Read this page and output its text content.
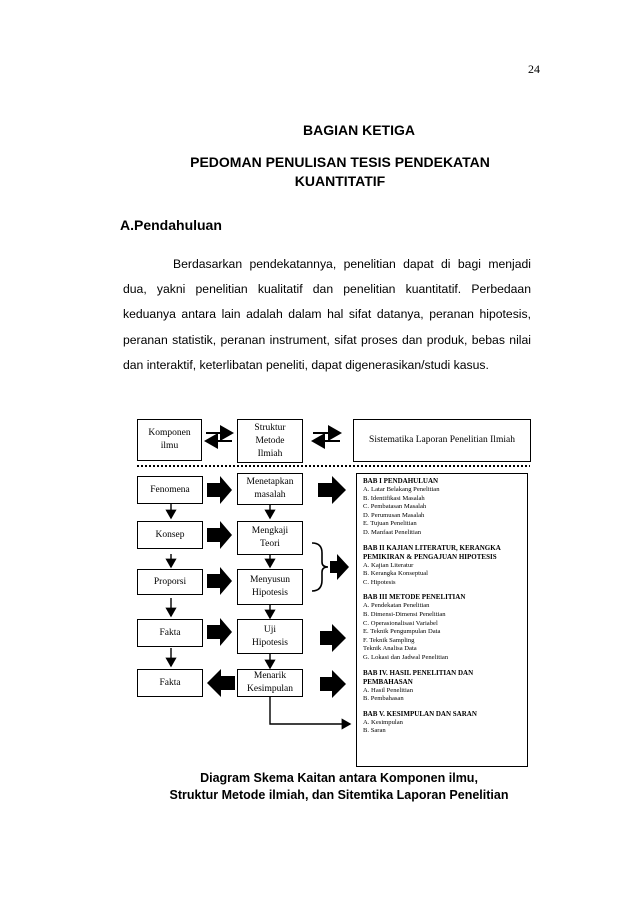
24
BAGIAN KETIGA
PEDOMAN PENULISAN TESIS PENDEKATAN KUANTITATIF
A.Pendahuluan

Berdasarkan pendekatannya, penelitian dapat di bagi menjadi dua, yakni penelitian kualitatif dan penelitian kuantitatif. Perbedaan keduanya antara lain adalah dalam hal sifat datanya, peranan hipotesis, peranan statistik, peranan instrument, sifat proses dan produk, bebas nilai dan interaktif, keterlibatan peneliti, dapat digenerasikan/studi kasus.

Komponen
ilmu
Struktur
Metode
Ilmiah
Sistematika Laporan Penelitian Ilmiah
Fenomena
Konsep
Proporsi
Fakta
Fakta
Menetapkan
masalah
Mengkaji
Teori
Menyusun
Hipotesis
Uji
Hipotesis
Menarik
Kesimpulan
BAB I PENDAHULUAN
A. Latar Belakang Penelitian
B. Identifikasi Masalah
C. Pembatasan Masalah
D. Perumusan Masalah
E. Tujuan Penelitian
D. Manfaat Penelitian
BAB II KAJIAN LITERATUR, KERANGKA PEMIKIRAN & PENGAJUAN HIPOTESIS
A. Kajian Literatur
B. Kerangka Konseptual
C. Hipotesis
BAB III METODE PENELITIAN
A. Pendekatan Penelitian
B. Dimensi-Dimensi Penelitian
C. Operasionalisasi Variabel
E. Teknik Pengumpulan Data
F. Teknik Sampling
Teknik Analisa Data
G. Lokasi dan Jadwal Penelitian
BAB IV. HASIL PENELITIAN DAN PEMBAHASAN
A. Hasil Penelitian
B. Pembahasan
BAB V. KESIMPULAN DAN SARAN
A. Kesimpulan
B. Saran
Diagram Skema Kaitan antara Komponen ilmu,
Struktur Metode ilmiah, dan Sitemtika Laporan Penelitian
